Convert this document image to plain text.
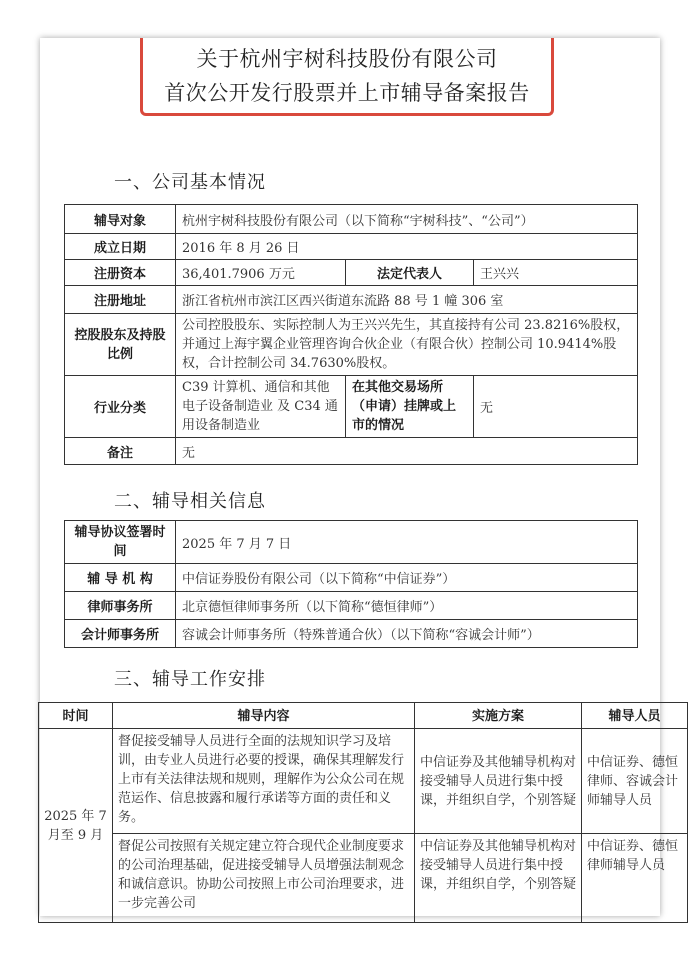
关于杭州宇树科技股份有限公司
首次公开发行股票并上市辅导备案报告
一、公司基本情况
辅导对象	杭州宇树科技股份有限公司（以下简称“宇树科技”、“公司”）		
成立日期	2016 年 8 月 26 日		
注册资本	36,401.7906 万元	法定代表人	王兴兴
注册地址	浙江省杭州市滨江区西兴街道东流路 88 号 1 幢 306 室		
控股股东及持股比例	公司控股股东、实际控制人为王兴兴先生，其直接持有公司 23.8216%股权，并通过上海宇翼企业管理咨询合伙企业（有限合伙）控制公司 10.9414%股权，合计控制公司 34.7630%股权。		
行业分类	C39 计算机、通信和其他电子设备制造业 及 C34 通用设备制造业	在其他交易场所（申请）挂牌或上市的情况	无
备注	无		
二、辅导相关信息
辅导协议签署时间	2025 年 7 月 7 日
辅 导 机 构	中信证券股份有限公司（以下简称“中信证券”）
律师事务所	北京德恒律师事务所（以下简称“德恒律师”）
会计师事务所	容诚会计师事务所（特殊普通合伙）（以下简称“容诚会计师”）
三、辅导工作安排
时间	辅导内容	实施方案	辅导人员
2025 年 7 月至 9 月	督促接受辅导人员进行全面的法规知识学习及培训，由专业人员进行必要的授课，确保其理解发行上市有关法律法规和规则，理解作为公众公司在规范运作、信息披露和履行承诺等方面的责任和义务。	中信证券及其他辅导机构对接受辅导人员进行集中授课，并组织自学，个别答疑	中信证券、德恒律师、容诚会计师辅导人员
	督促公司按照有关规定建立符合现代企业制度要求的公司治理基础，促进接受辅导人员增强法制观念和诚信意识。协助公司按照上市公司治理要求，进一步完善公司	中信证券及其他辅导机构对接受辅导人员进行集中授课，并组织自学，个别答疑	中信证券、德恒律师辅导人员
